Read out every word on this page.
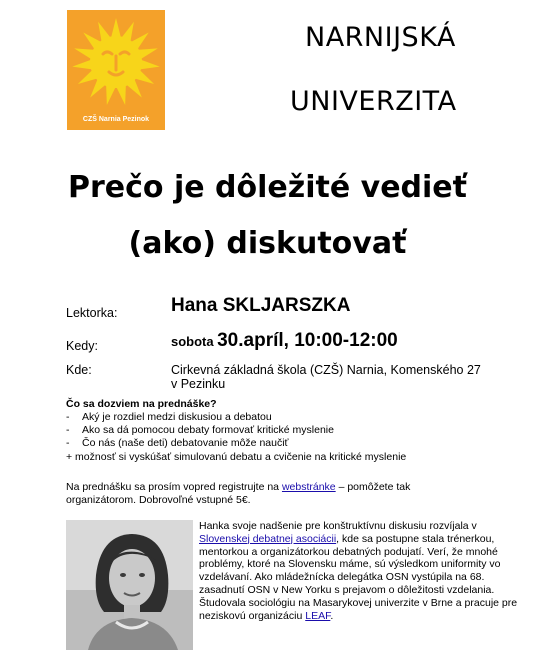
CZŠ Narnia Pezinok
NARNIJSKÁ
UNIVERZITA
Prečo je dôležité vedieť
(ako) diskutovať
Lektorka:	Hana SKLJARSZKA
Kedy:	sobota 30.apríl, 10:00-12:00
Kde:	Cirkevná základná škola (CZŠ) Narnia, Komenského 27
v Pezinku
Čo sa dozviem na prednáške?
- Aký je rozdiel medzi diskusiou a debatou
- Ako sa dá pomocou debaty formovať kritické myslenie
- Čo nás (naše deti) debatovanie môže naučiť
+ možnosť si vyskúšať simulovanú debatu a cvičenie na kritické myslenie
Na prednášku sa prosím vopred registrujte na webstránke – pomôžete tak
organizátorom. Dobrovoľné vstupné 5€.
Hanka svoje nadšenie pre konštruktívnu diskusiu rozvíjala v Slovenskej debatnej asociácii, kde sa postupne stala trénerkou, mentorkou a organizátorkou debatných podujatí. Verí, že mnohé problémy, ktoré na Slovensku máme, sú výsledkom uniformity vo vzdelávaní. Ako mládežnícka delegátka OSN vystúpila na 68. zasadnutí OSN v New Yorku s prejavom o dôležitosti vzdelania. Študovala sociológiu na Masarykovej univerzite v Brne a pracuje pre neziskovú organizáciu LEAF.
